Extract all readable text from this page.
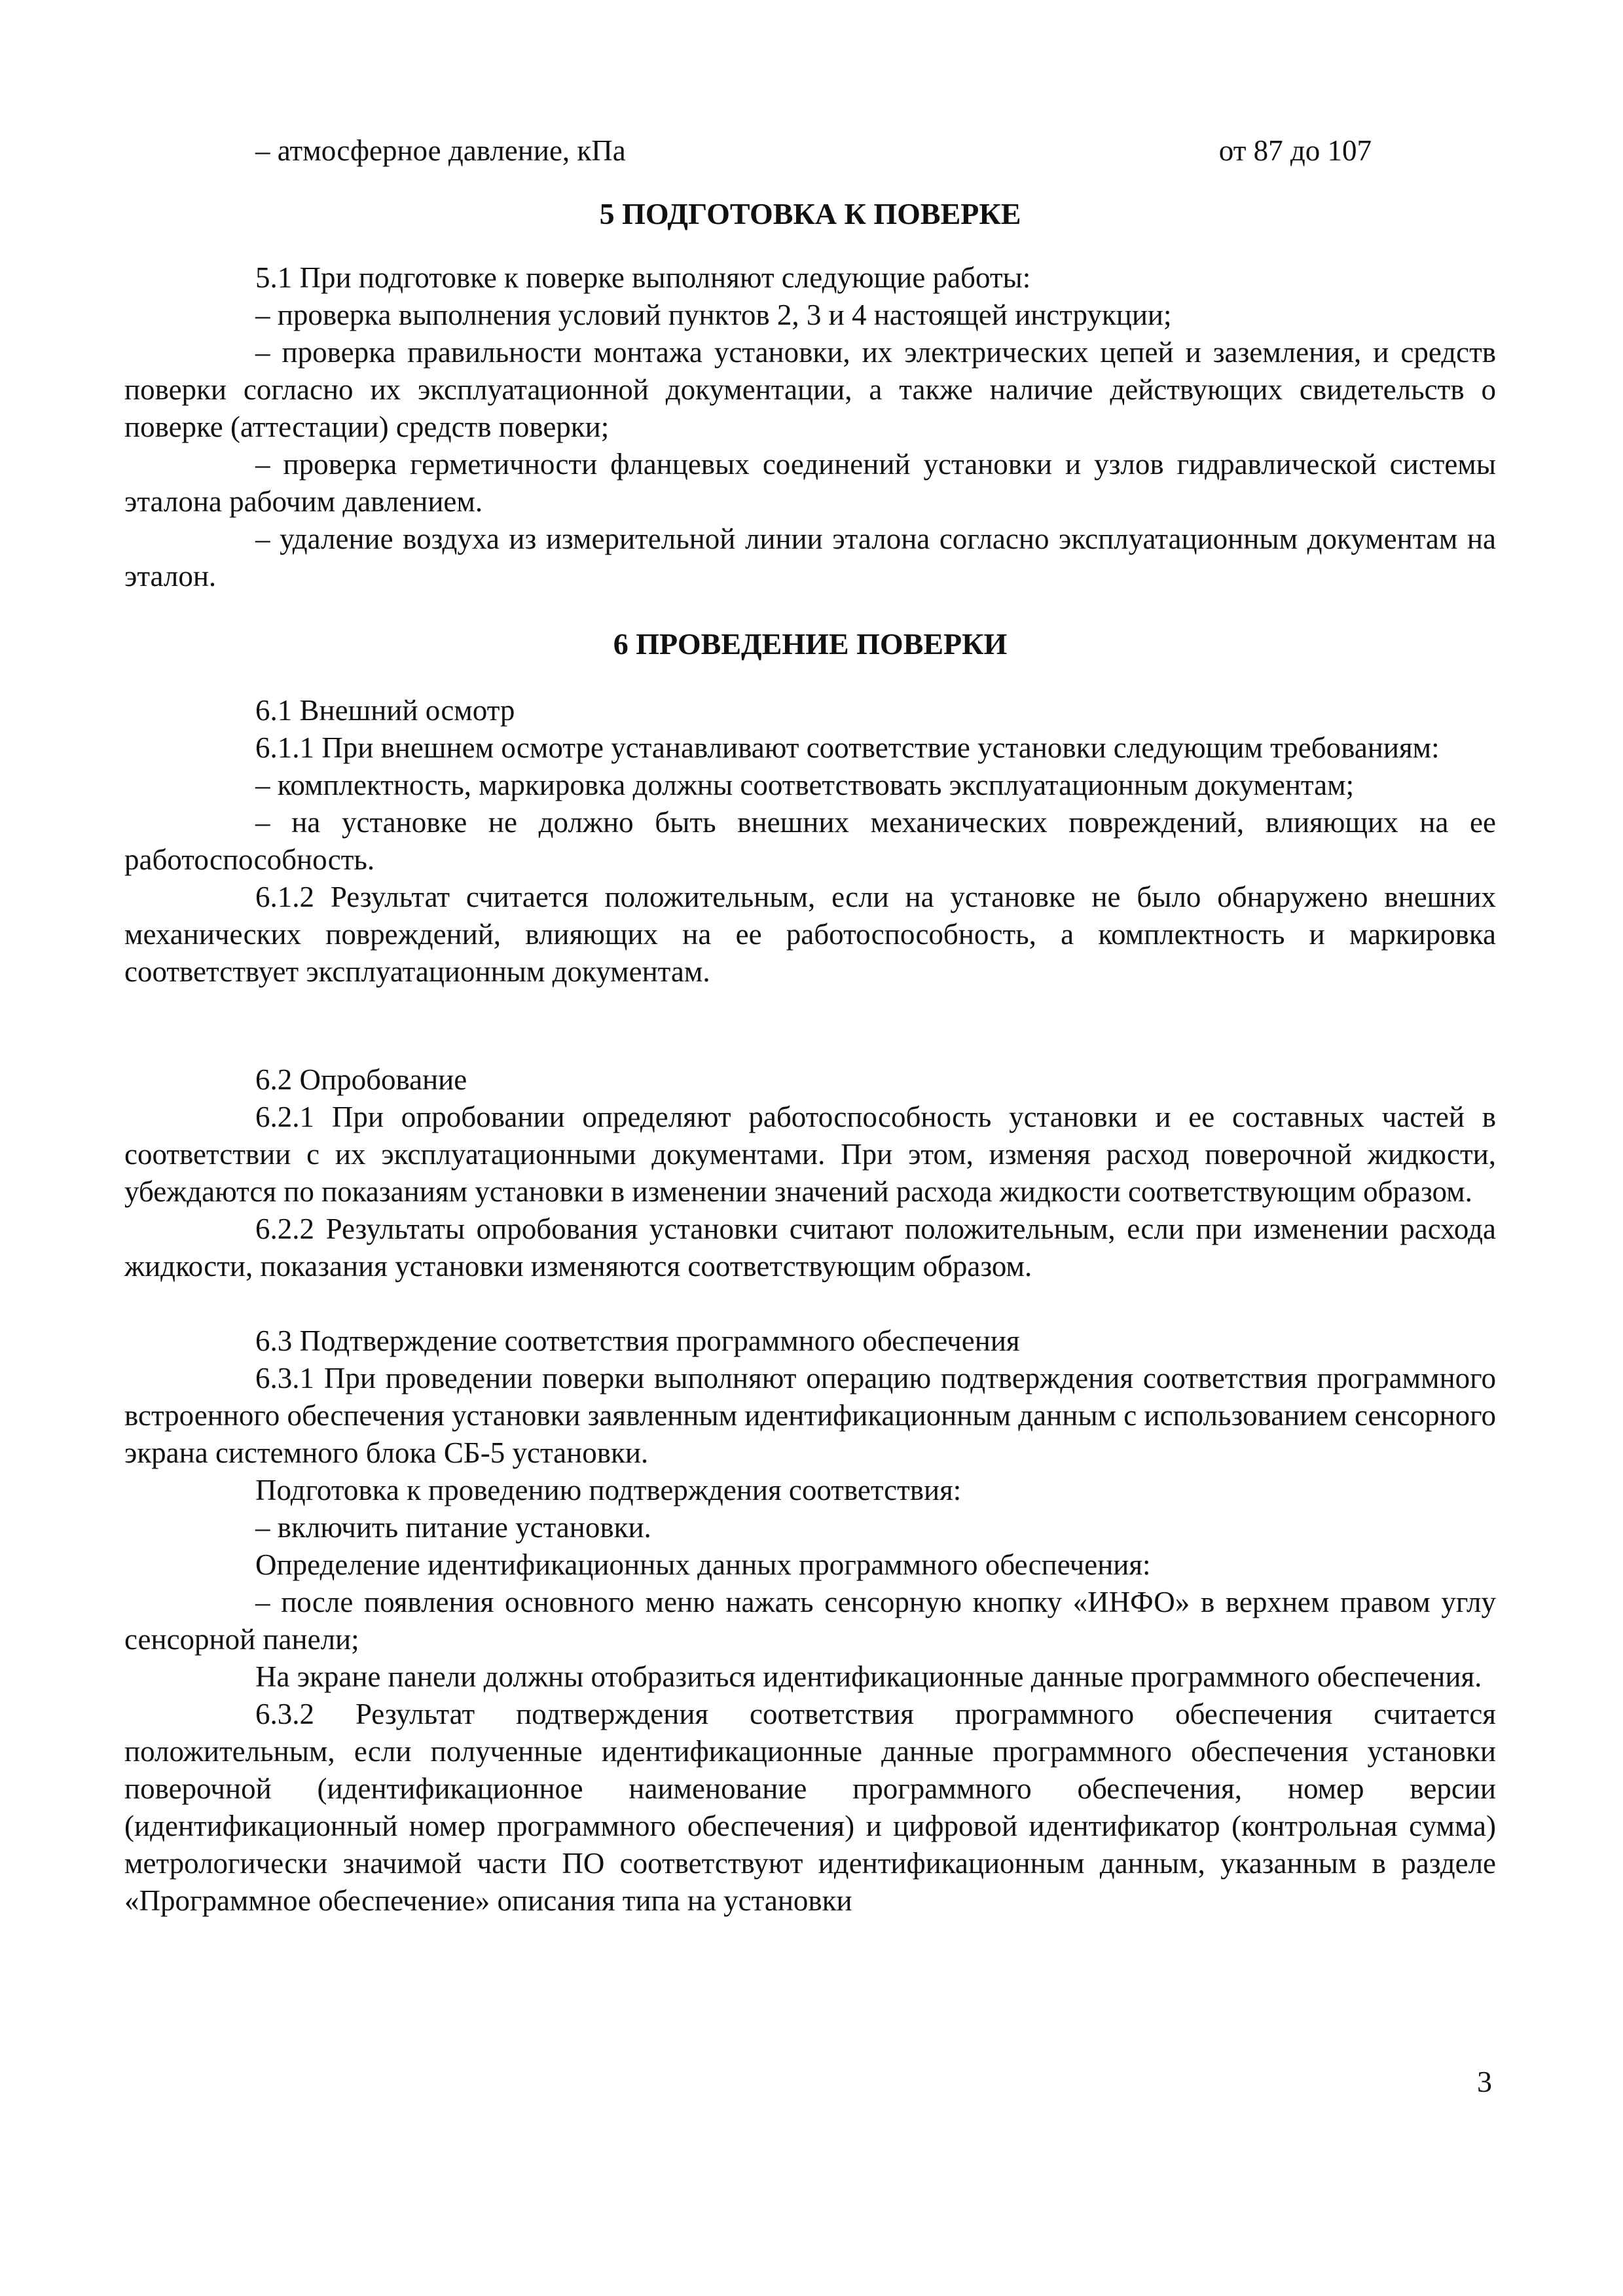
– атмосферное давление, кПа	от 87 до 107
5 ПОДГОТОВКА К ПОВЕРКЕ

5.1 При подготовке к поверке выполняют следующие работы:

– проверка выполнения условий пунктов 2, 3 и 4 настоящей инструкции;

– проверка правильности монтажа установки, их электрических цепей и заземления, и средств поверки согласно их эксплуатационной документации, а также наличие действующих свидетельств о поверке (аттестации) средств поверки;

– проверка герметичности фланцевых соединений установки и узлов гидравлической системы эталона рабочим давлением.

– удаление воздуха из измерительной линии эталона согласно эксплуатационным документам на эталон.

6 ПРОВЕДЕНИЕ ПОВЕРКИ

6.1 Внешний осмотр

6.1.1 При внешнем осмотре устанавливают соответствие установки следующим требованиям:

– комплектность, маркировка должны соответствовать эксплуатационным документам;

– на установке не должно быть внешних механических повреждений, влияющих на ее работоспособность.

6.1.2 Результат считается положительным, если на установке не было обнаружено внешних механических повреждений, влияющих на ее работоспособность, а комплектность и маркировка соответствует эксплуатационным документам.

6.2 Опробование

6.2.1 При опробовании определяют работоспособность установки и ее составных частей в соответствии с их эксплуатационными документами. При этом, изменяя расход поверочной жидкости, убеждаются по показаниям установки в изменении значений расхода жидкости соответствующим образом.

6.2.2 Результаты опробования установки считают положительным, если при изменении расхода жидкости, показания установки изменяются соответствующим образом.

6.3 Подтверждение соответствия программного обеспечения

6.3.1 При проведении поверки выполняют операцию подтверждения соответствия программного встроенного обеспечения установки заявленным идентификационным данным с использованием сенсорного экрана системного блока СБ-5 установки.

Подготовка к проведению подтверждения соответствия:

– включить питание установки.

Определение идентификационных данных программного обеспечения:

– после появления основного меню нажать сенсорную кнопку «ИНФО» в верхнем правом углу сенсорной панели;

На экране панели должны отобразиться идентификационные данные программного обеспечения.

6.3.2 Результат подтверждения соответствия программного обеспечения считается положительным, если полученные идентификационные данные программного обеспечения установки поверочной (идентификационное наименование программного обеспечения, номер версии (идентификационный номер программного обеспечения) и цифровой идентификатор (контрольная сумма) метрологически значимой части ПО соответствуют идентификационным данным, указанным в разделе «Программное обеспечение» описания типа на установки

3
